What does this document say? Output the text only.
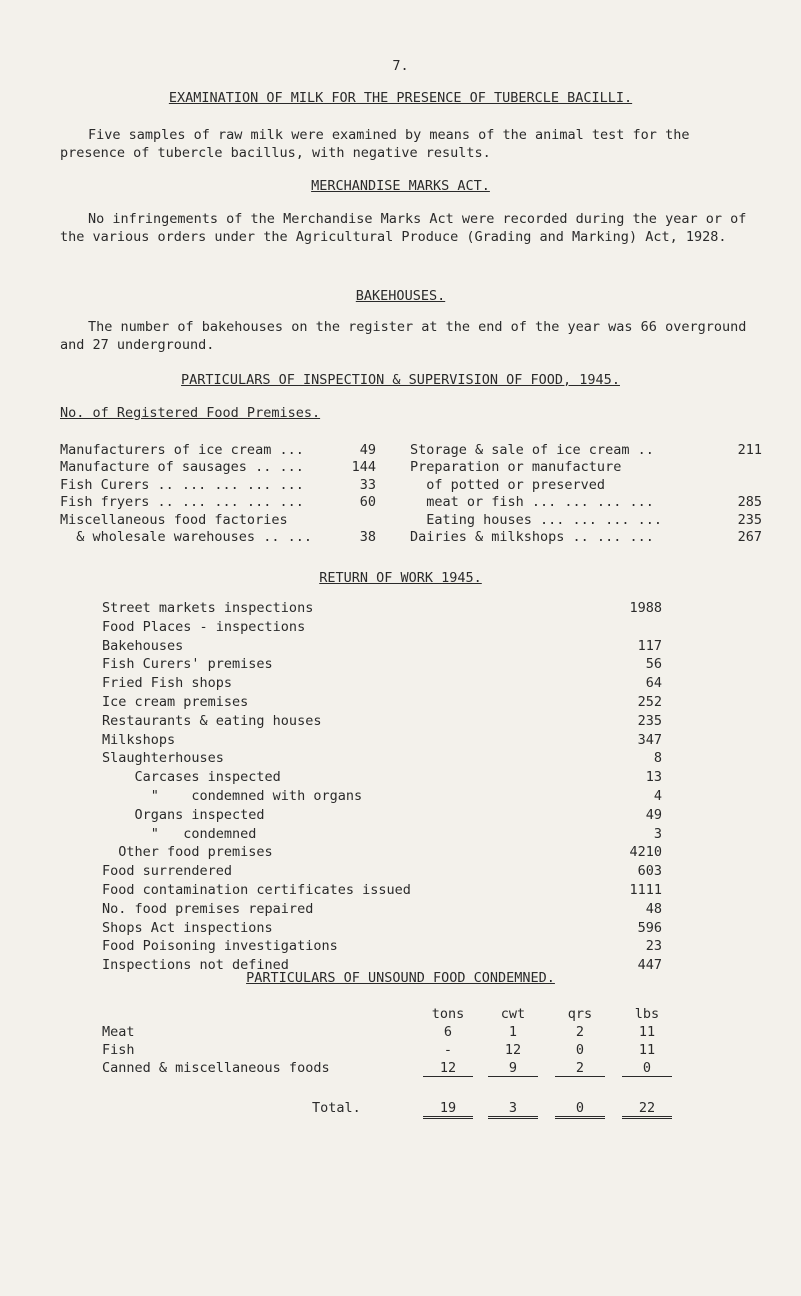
7.
EXAMINATION OF MILK FOR THE PRESENCE OF TUBERCLE BACILLI.
Five samples of raw milk were examined by means of the animal test for the presence of tubercle bacillus, with negative results.
MERCHANDISE MARKS ACT.
No infringements of the Merchandise Marks Act were recorded during the year or of the various orders under the Agricultural Produce (Grading and Marking) Act, 1928.
BAKEHOUSES.
The number of bakehouses on the register at the end of the year was 66 overground and 27 underground.
PARTICULARS OF INSPECTION & SUPERVISION OF FOOD, 1945.
No. of Registered Food Premises.
Manufacturers of ice cream ...	49
Manufacture of sausages .. ...	144
Fish Curers .. ... ... ... ...	33
Fish fryers .. ... ... ... ...	60
Miscellaneous food factories
& wholesale warehouses .. ...	38
Storage & sale of ice cream ..	211
Preparation or manufacture
of potted or preserved
meat or fish ... ... ... ...	285
Eating houses ... ... ... ...	235
Dairies & milkshops .. ... ...	267
RETURN OF WORK 1945.
Street markets inspections	1988
Food Places - inspections
Bakehouses	117
Fish Curers' premises	56
Fried Fish shops	64
Ice cream premises	252
Restaurants & eating houses	235
Milkshops	347
Slaughterhouses	8
Carcases inspected	13
"    condemned with organs	4
Organs inspected	49
"   condemned	3
Other food premises	4210
Food surrendered	603
Food contamination certificates issued	1111
No. food premises repaired	48
Shops Act inspections	596
Food Poisoning investigations	23
Inspections not defined	447
PARTICULARS OF UNSOUND FOOD CONDEMNED.
tons	cwt	qrs	lbs
Meat	6	1	2	11
Fish	-	12	0	11
Canned & miscellaneous foods	12	9	2	0
Total.	19	3	0	22
